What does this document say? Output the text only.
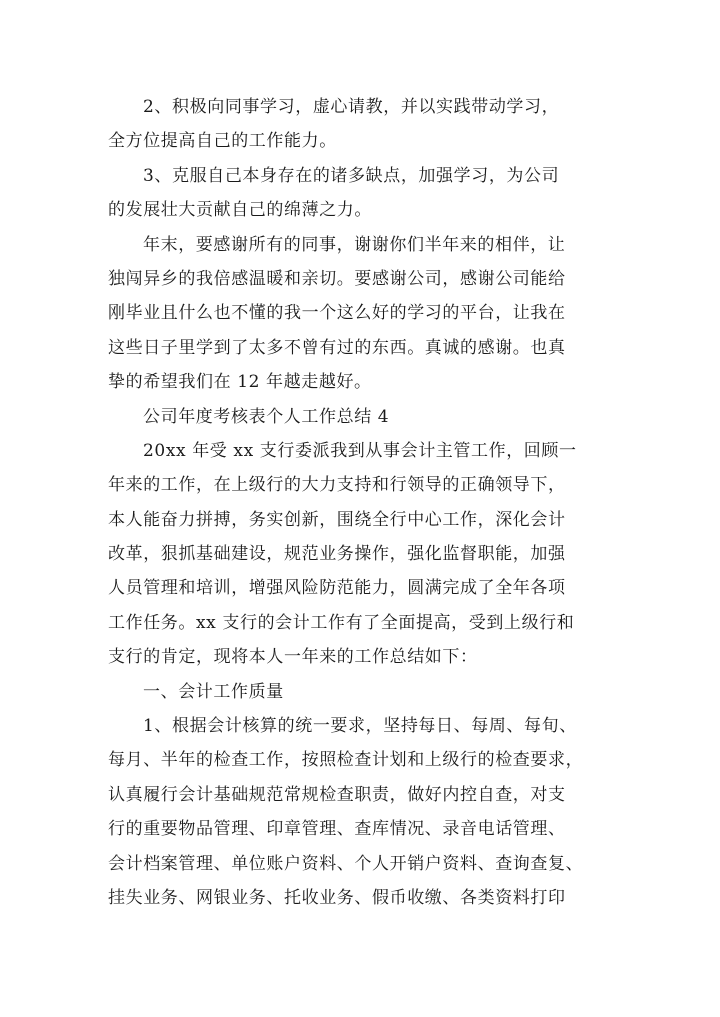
2、积极向同事学习，虚心请教，并以实践带动学习，
全方位提高自己的工作能力。
3、克服自己本身存在的诸多缺点，加强学习，为公司
的发展壮大贡献自己的绵薄之力。
年末，要感谢所有的同事，谢谢你们半年来的相伴，让
独闯异乡的我倍感温暖和亲切。要感谢公司，感谢公司能给
刚毕业且什么也不懂的我一个这么好的学习的平台，让我在
这些日子里学到了太多不曾有过的东西。真诚的感谢。也真
挚的希望我们在 12 年越走越好。
公司年度考核表个人工作总结 4
20xx 年受 xx 支行委派我到从事会计主管工作，回顾一
年来的工作，在上级行的大力支持和行领导的正确领导下，
本人能奋力拼搏，务实创新，围绕全行中心工作，深化会计
改革，狠抓基础建设，规范业务操作，强化监督职能，加强
人员管理和培训，增强风险防范能力，圆满完成了全年各项
工作任务。xx 支行的会计工作有了全面提高，受到上级行和
支行的肯定，现将本人一年来的工作总结如下：
一、会计工作质量
1、根据会计核算的统一要求，坚持每日、每周、每旬、
每月、半年的检查工作，按照检查计划和上级行的检查要求，
认真履行会计基础规范常规检查职责，做好内控自查，对支
行的重要物品管理、印章管理、查库情况、录音电话管理、
会计档案管理、单位账户资料、个人开销户资料、查询查复、
挂失业务、网银业务、托收业务、假币收缴、各类资料打印
